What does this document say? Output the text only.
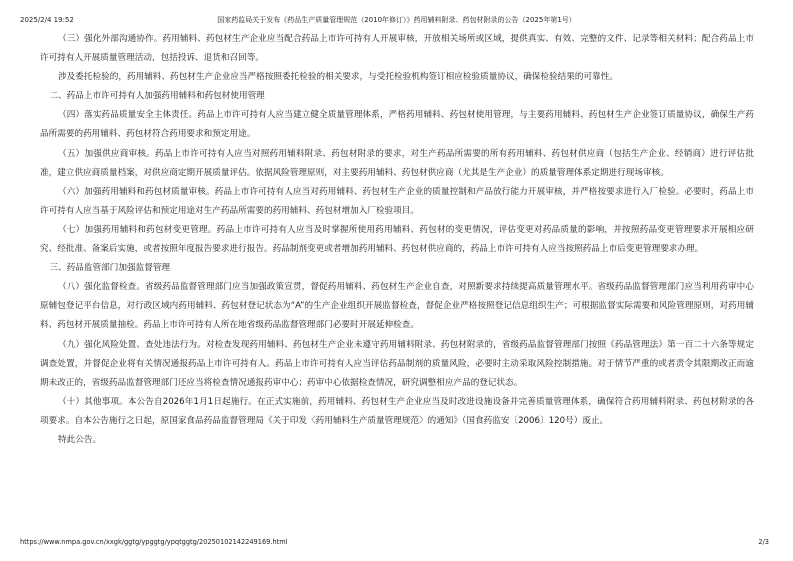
2025/2/4 19:52	国家药监局关于发布《药品生产质量管理规范（2010年修订）》药用辅料附录、药包材附录的公告（2025年第1号）

（三）强化外部沟通协作。药用辅料、药包材生产企业应当配合药品上市许可持有人开展审核，开放相关场所或区域，提供真实、有效、完整的文件、记录等相关材料；配合药品上市许可持有人开展质量管理活动，包括投诉、退货和召回等。

涉及委托检验的，药用辅料、药包材生产企业应当严格按照委托检验的相关要求，与受托检验机构签订相应检验质量协议，确保检验结果的可靠性。

二、药品上市许可持有人加强药用辅料和药包材使用管理

（四）落实药品质量安全主体责任。药品上市许可持有人应当建立健全质量管理体系，严格药用辅料、药包材使用管理，与主要药用辅料、药包材生产企业签订质量协议，确保生产药品所需要的药用辅料、药包材符合药用要求和预定用途。

（五）加强供应商审核。药品上市许可持有人应当对照药用辅料附录、药包材附录的要求，对生产药品所需要的所有药用辅料、药包材供应商（包括生产企业、经销商）进行评估批准，建立供应商质量档案，对供应商定期开展质量评估。依据风险管理原则，对主要药用辅料、药包材供应商（尤其是生产企业）的质量管理体系定期进行现场审核。

（六）加强药用辅料和药包材质量审核。药品上市许可持有人应当对药用辅料、药包材生产企业的质量控制和产品放行能力开展审核，并严格按要求进行入厂检验。必要时，药品上市许可持有人应当基于风险评估和预定用途对生产药品所需要的药用辅料、药包材增加入厂检验项目。

（七）加强药用辅料和药包材变更管理。药品上市许可持有人应当及时掌握所使用药用辅料、药包材的变更情况，评估变更对药品质量的影响，并按照药品变更管理要求开展相应研究、经批准、备案后实施，或者按照年度报告要求进行报告。药品制剂变更或者增加药用辅料、药包材供应商的，药品上市许可持有人应当按照药品上市后变更管理要求办理。

三、药品监管部门加强监督管理

（八）强化监督检查。省级药品监督管理部门应当加强政策宣贯，督促药用辅料、药包材生产企业自查，对照新要求持续提高质量管理水平。省级药品监督管理部门应当利用药审中心原辅包登记平台信息，对行政区域内药用辅料、药包材登记状态为“A”的生产企业组织开展监督检查，督促企业严格按照登记信息组织生产；可根据监督实际需要和风险管理原则，对药用辅料、药包材开展质量抽检。药品上市许可持有人所在地省级药品监督管理部门必要时开展延伸检查。

（九）强化风险处置、查处违法行为。对检查发现药用辅料、药包材生产企业未遵守药用辅料附录、药包材附录的，省级药品监督管理部门按照《药品管理法》第一百二十六条等规定调查处置，并督促企业将有关情况通报药品上市许可持有人。药品上市许可持有人应当评估药品制剂的质量风险，必要时主动采取风险控制措施。对于情节严重的或者责令其限期改正而逾期未改正的，省级药品监督管理部门还应当将检查情况通报药审中心；药审中心依据检查情况，研究调整相应产品的登记状态。

（十）其他事项。本公告自2026年1月1日起施行。在正式实施前，药用辅料、药包材生产企业应当及时改进设施设备并完善质量管理体系，确保符合药用辅料附录、药包材附录的各项要求。自本公告施行之日起，原国家食品药品监督管理局《关于印发〈药用辅料生产质量管理规范〉的通知》（国食药监安〔2006〕120号）废止。

特此公告。

https://www.nmpa.gov.cn/xxgk/ggtg/ypggtg/ypqtggtg/20250102142249169.html	2/3
